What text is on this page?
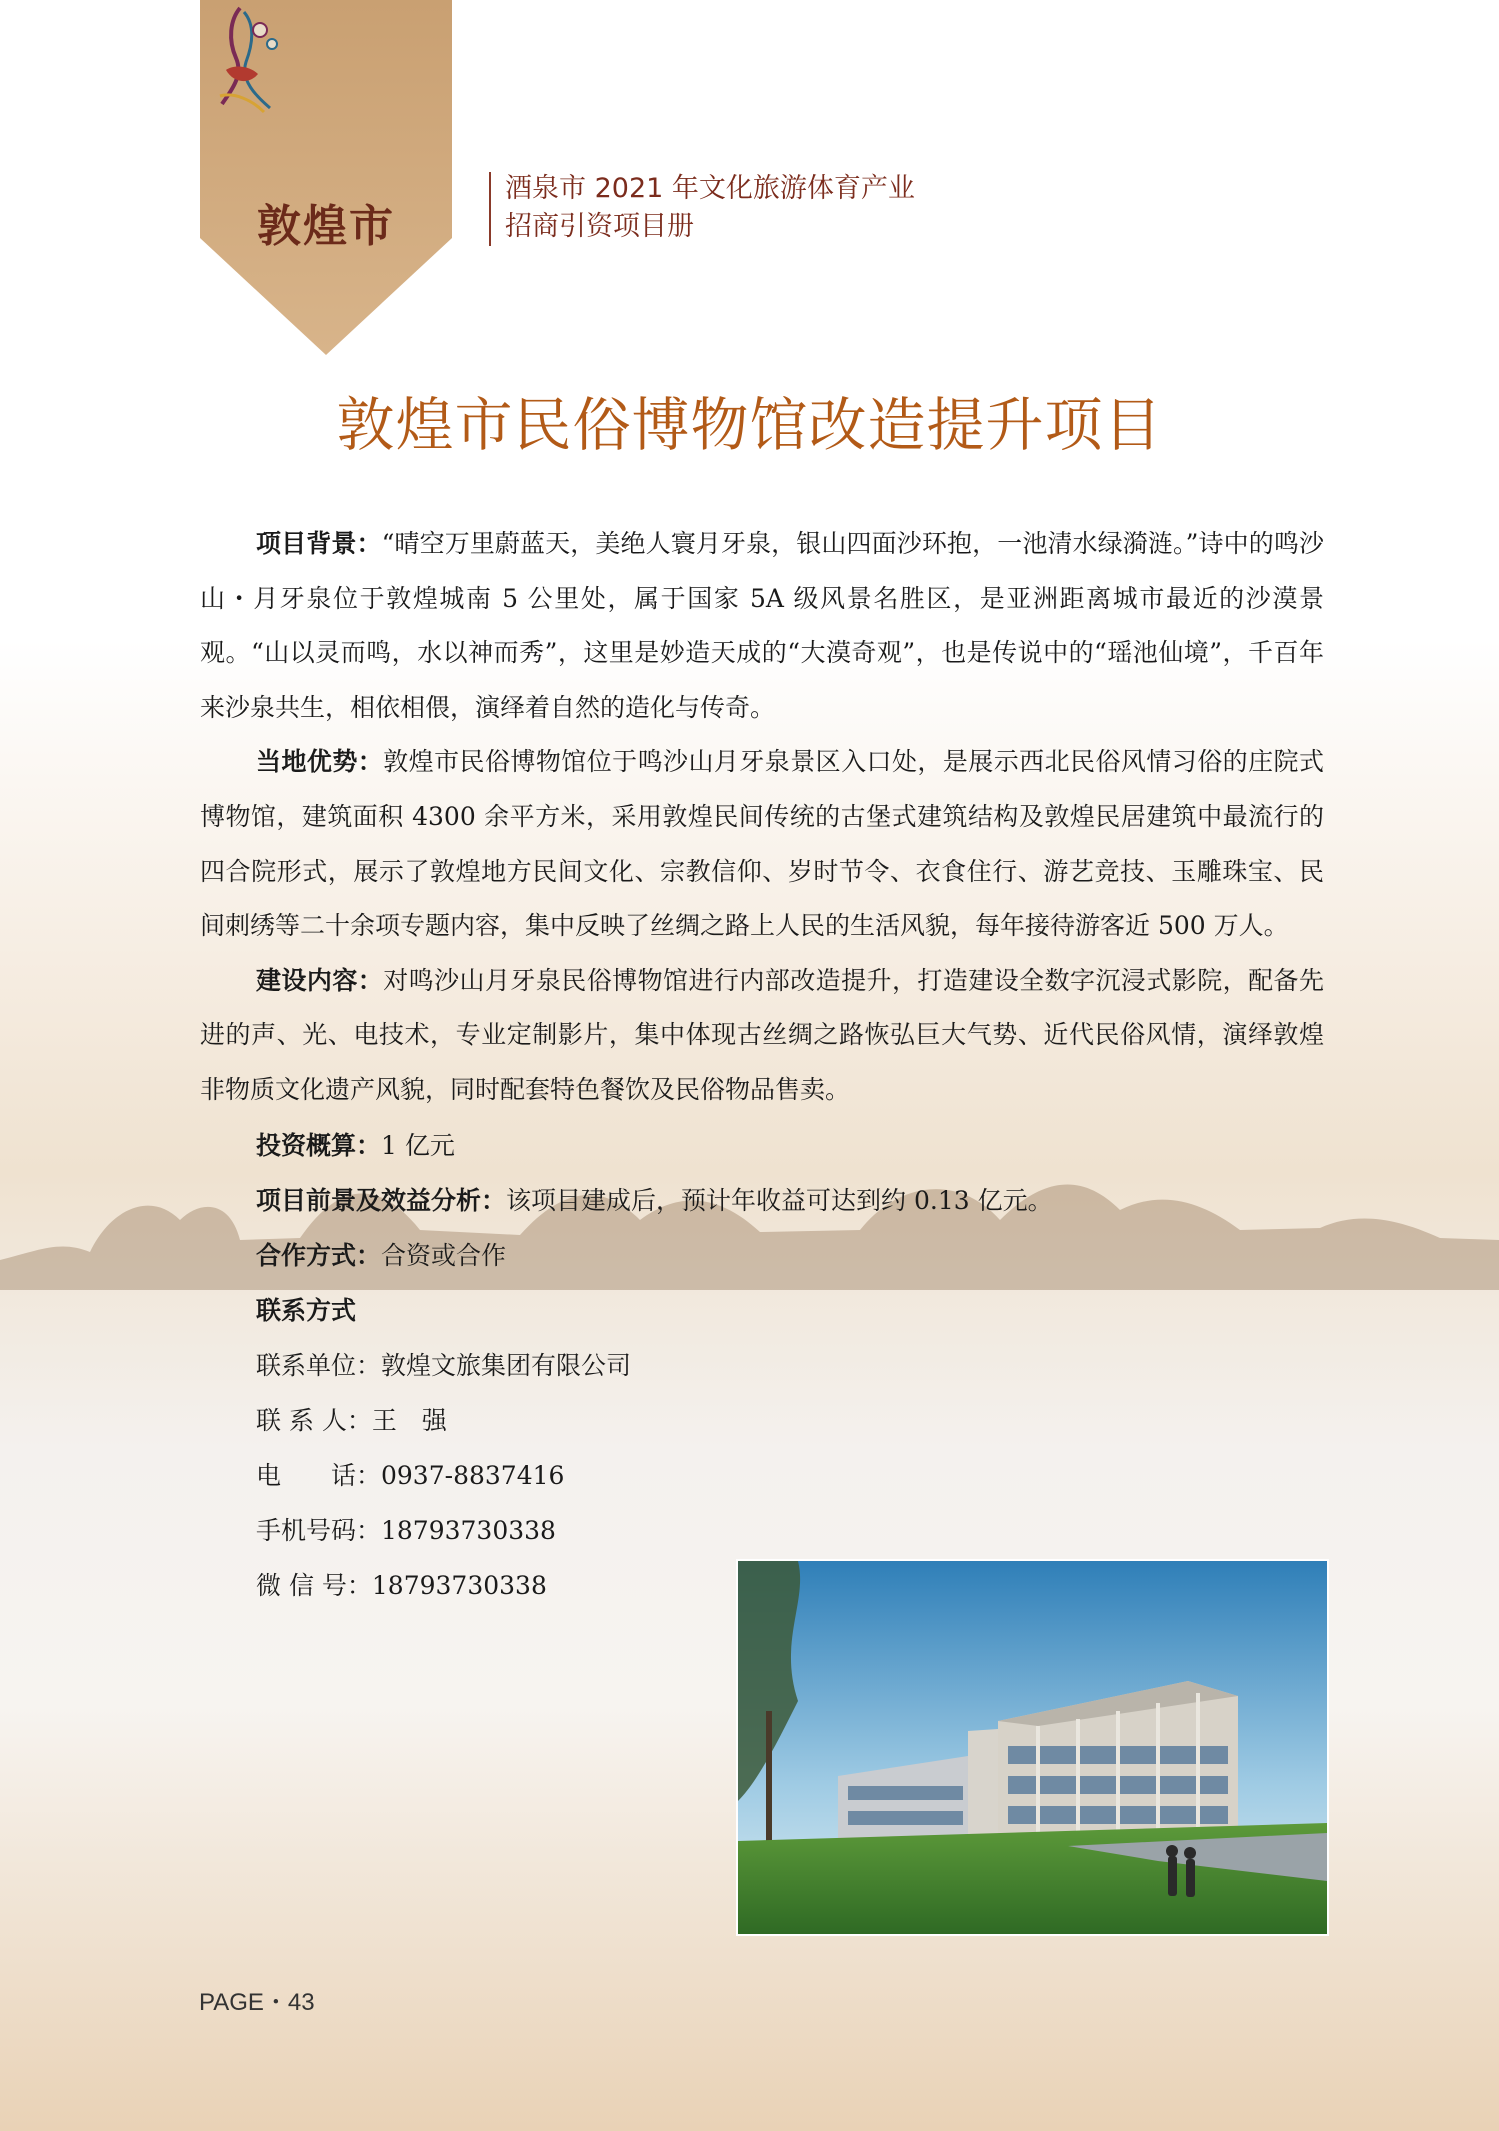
敦煌市
酒泉市 2021 年文化旅游体育产业
招商引资项目册
敦煌市民俗博物馆改造提升项目

项目背景：“晴空万里蔚蓝天，美绝人寰月牙泉，银山四面沙环抱，一池清水绿漪涟。”诗中的鸣沙山・月牙泉位于敦煌城南 5 公里处，属于国家 5A 级风景名胜区，是亚洲距离城市最近的沙漠景观。“山以灵而鸣，水以神而秀”，这里是妙造天成的“大漠奇观”，也是传说中的“瑶池仙境”，千百年来沙泉共生，相依相偎，演绎着自然的造化与传奇。

当地优势：敦煌市民俗博物馆位于鸣沙山月牙泉景区入口处，是展示西北民俗风情习俗的庄院式博物馆，建筑面积 4300 余平方米，采用敦煌民间传统的古堡式建筑结构及敦煌民居建筑中最流行的四合院形式，展示了敦煌地方民间文化、宗教信仰、岁时节令、衣食住行、游艺竞技、玉雕珠宝、民间刺绣等二十余项专题内容，集中反映了丝绸之路上人民的生活风貌，每年接待游客近 500 万人。

建设内容：对鸣沙山月牙泉民俗博物馆进行内部改造提升，打造建设全数字沉浸式影院，配备先进的声、光、电技术，专业定制影片，集中体现古丝绸之路恢弘巨大气势、近代民俗风情，演绎敦煌非物质文化遗产风貌，同时配套特色餐饮及民俗物品售卖。

投资概算：1 亿元
项目前景及效益分析：该项目建成后，预计年收益可达到约 0.13 亿元。
合作方式：合资或合作
联系方式
联系单位：敦煌文旅集团有限公司
联 系 人：王　强
电　　话：0937-8837416
手机号码：18793730338
微 信 号：18793730338
PAGE・43
